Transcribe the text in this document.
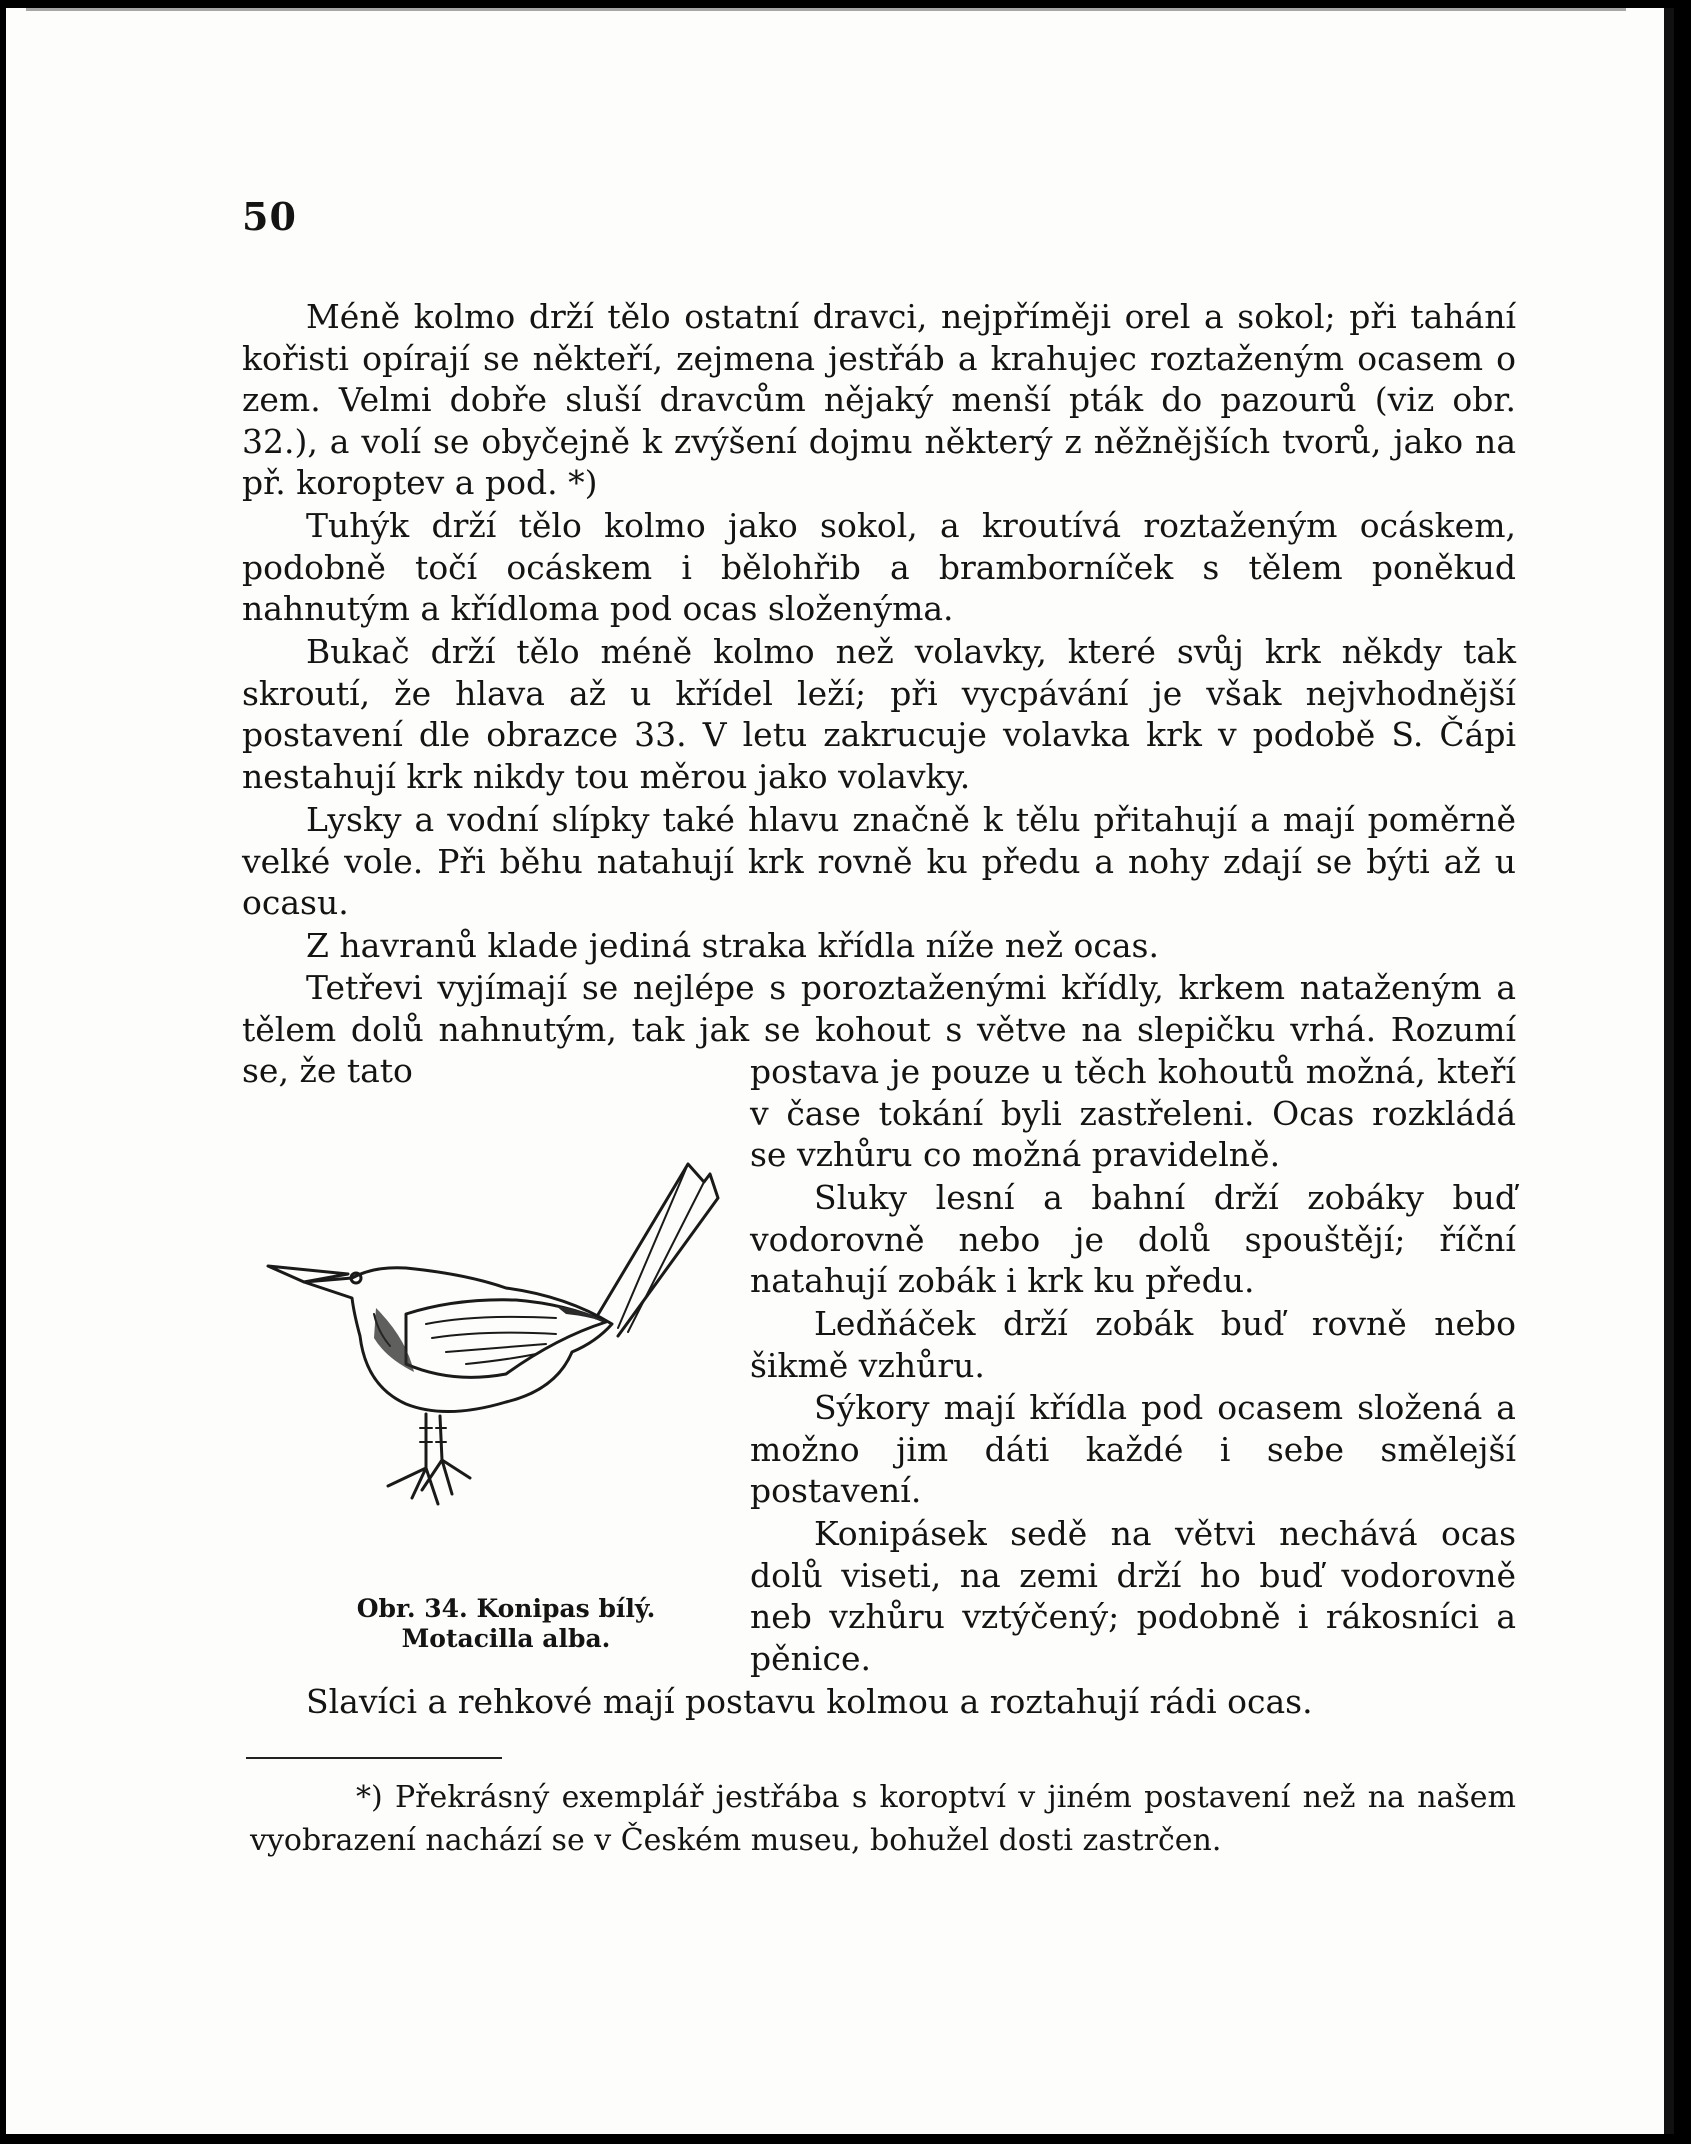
50

Méně kolmo drží tělo ostatní dravci, nejpříměji orel a sokol; při tahání kořisti opírají se někteří, zejmena jestřáb a krahujec roztaženým ocasem o zem. Velmi dobře sluší dravcům nějaký menší pták do pazourů (viz obr. 32.), a volí se obyčejně k zvýšení dojmu některý z něžnějších tvorů, jako na př. koroptev a pod. *)

Tuhýk drží tělo kolmo jako sokol, a kroutívá roztaženým ocáskem, podobně točí ocáskem i bělohřib a bramborníček s tělem poněkud nahnutým a křídloma pod ocas složenýma.

Bukač drží tělo méně kolmo než volavky, které svůj krk někdy tak skroutí, že hlava až u křídel leží; při vycpávání je však nejvhodnější postavení dle obrazce 33. V letu zakrucuje volavka krk v podobě S. Čápi nestahují krk nikdy tou měrou jako volavky.

Lysky a vodní slípky také hlavu značně k tělu přitahují a mají poměrně velké vole. Při běhu natahují krk rovně ku předu a nohy zdají se býti až u ocasu.

Z havranů klade jediná straka křídla níže než ocas.

Tetřevi vyjímají se nejlépe s poroztaženými křídly, krkem nataženým a tělem dolů nahnutým, tak jak se kohout s větve na slepičku vrhá. Rozumí se, že tato	postava je pouze u těch kohoutů možná, kteří v čase tokání byli zastřeleni. Ocas rozkládá se vzhůru co možná pravidelně.

Sluky lesní a bahní drží zobáky buď vodorovně nebo je dolů spouštějí; říční natahují zobák i krk ku předu.

Ledňáček drží zobák buď rovně nebo šikmě vzhůru.

Sýkory mají křídla pod ocasem složená a možno jim dáti každé i sebe smělejší postavení.

Konipásek sedě na větvi nechává ocas dolů viseti, na zemi drží ho buď vodorovně neb vzhůru vztýčený; podobně i rákosníci a pěnice.

Slavíci a rehkové mají postavu kolmou a roztahují rádi ocas.

Obr. 34. Konipas bílý.
Motacilla alba.

*) Překrásný exemplář jestřába s koroptví v jiném postavení než na našem vyobrazení nachází se v Českém museu, bohužel dosti zastrčen.
